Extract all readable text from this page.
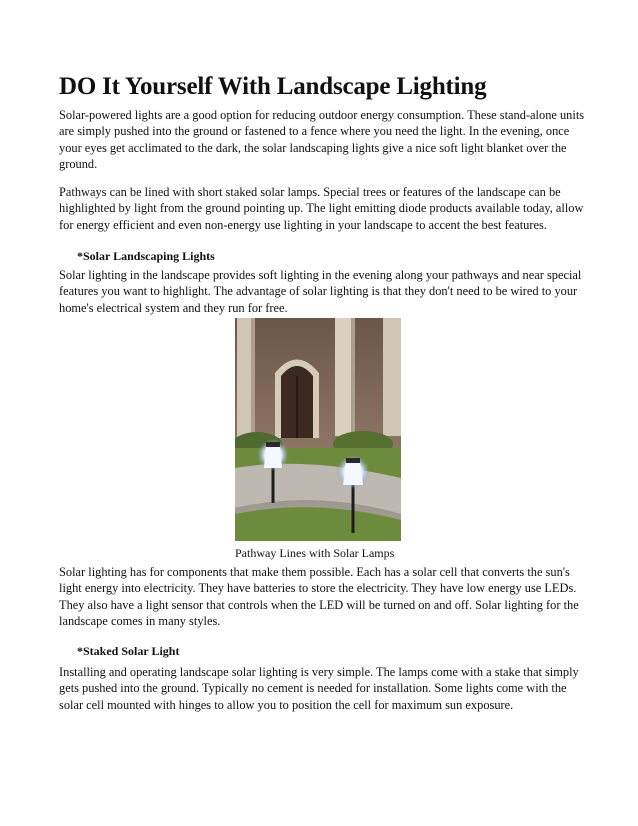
DO It Yourself With Landscape Lighting

Solar-powered lights are a good option for reducing outdoor energy consumption. These stand-alone units are simply pushed into the ground or fastened to a fence where you need the light. In the evening, once your eyes get acclimated to the dark, the solar landscaping lights give a nice soft light blanket over the ground.

Pathways can be lined with short staked solar lamps. Special trees or features of the landscape can be highlighted by light from the ground pointing up. The light emitting diode products available today, allow for energy efficient and even non-energy use lighting in your landscape to accent the best features.

*Solar Landscaping Lights

Solar lighting in the landscape provides soft lighting in the evening along your pathways and near special features you want to highlight. The advantage of solar lighting is that they don't need to be wired to your home's electrical system and they run for free.

Pathway Lines with Solar Lamps

Solar lighting has for components that make them possible. Each has a solar cell that converts the sun's light energy into electricity. They have batteries to store the electricity. They have low energy use LEDs. They also have a light sensor that controls when the LED will be turned on and off. Solar lighting for the landscape comes in many styles.

*Staked Solar Light

Installing and operating landscape solar lighting is very simple. The lamps come with a stake that simply gets pushed into the ground. Typically no cement is needed for installation. Some lights come with the solar cell mounted with hinges to allow you to position the cell for maximum sun exposure.
